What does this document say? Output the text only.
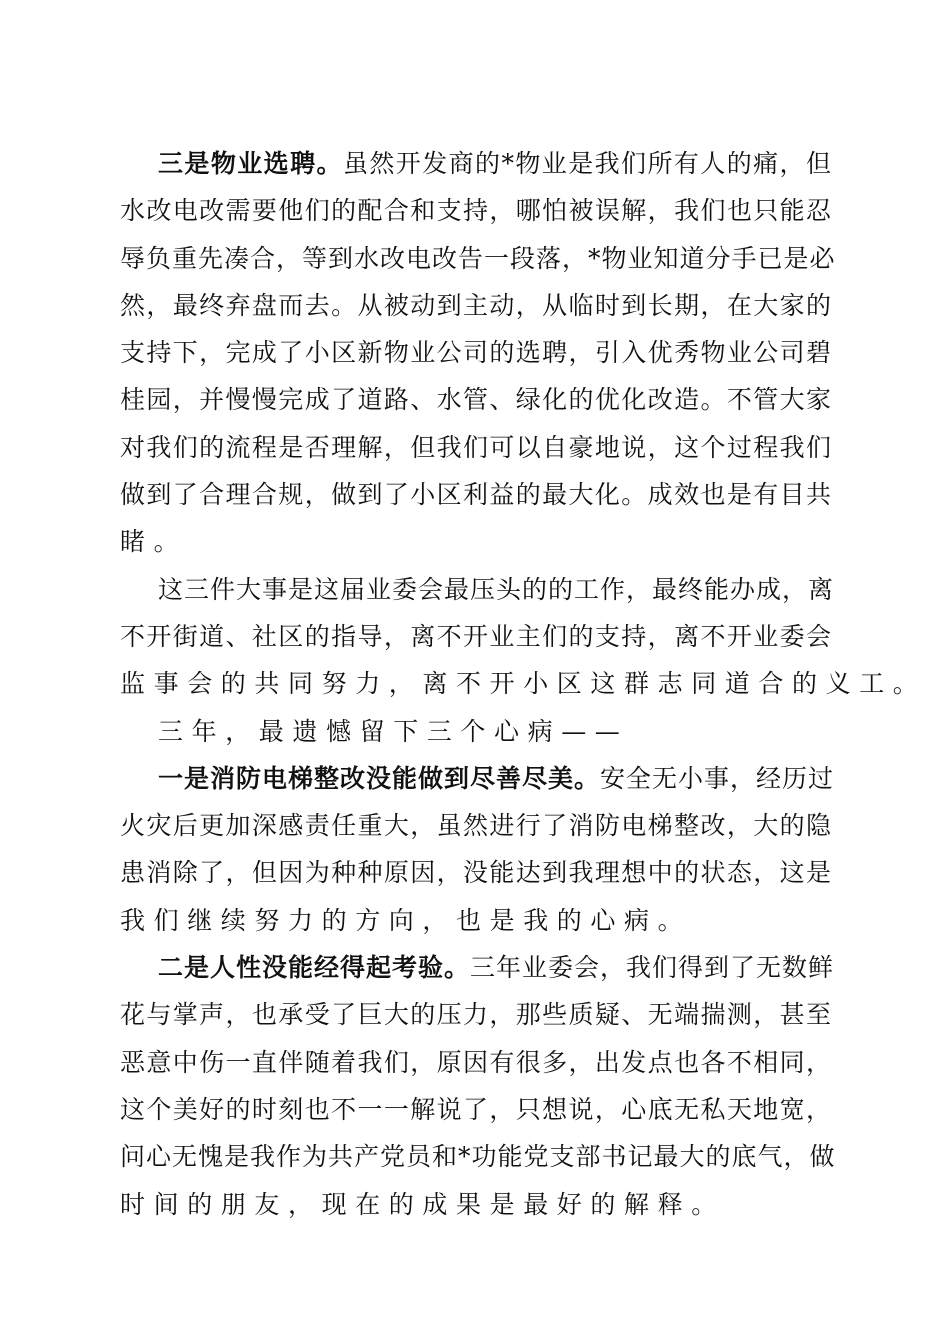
三是物业选聘。虽然开发商的*物业是我们所有人的痛，但
水改电改需要他们的配合和支持，哪怕被误解，我们也只能忍
辱负重先凑合，等到水改电改告一段落，*物业知道分手已是必
然，最终弃盘而去。从被动到主动，从临时到长期，在大家的
支持下，完成了小区新物业公司的选聘，引入优秀物业公司碧
桂园，并慢慢完成了道路、水管、绿化的优化改造。不管大家
对我们的流程是否理解，但我们可以自豪地说，这个过程我们
做到了合理合规，做到了小区利益的最大化。成效也是有目共
睹。
这三件大事是这届业委会最压头的的工作，最终能办成，离
不开街道、社区的指导，离不开业主们的支持，离不开业委会
监事会的共同努力，离不开小区这群志同道合的义工。
三年，最遗憾留下三个心病——
一是消防电梯整改没能做到尽善尽美。安全无小事，经历过
火灾后更加深感责任重大，虽然进行了消防电梯整改，大的隐
患消除了，但因为种种原因，没能达到我理想中的状态，这是
我们继续努力的方向，也是我的心病。
二是人性没能经得起考验。三年业委会，我们得到了无数鲜
花与掌声，也承受了巨大的压力，那些质疑、无端揣测，甚至
恶意中伤一直伴随着我们，原因有很多，出发点也各不相同，
这个美好的时刻也不一一解说了，只想说，心底无私天地宽，
问心无愧是我作为共产党员和*功能党支部书记最大的底气，做
时间的朋友，现在的成果是最好的解释。
